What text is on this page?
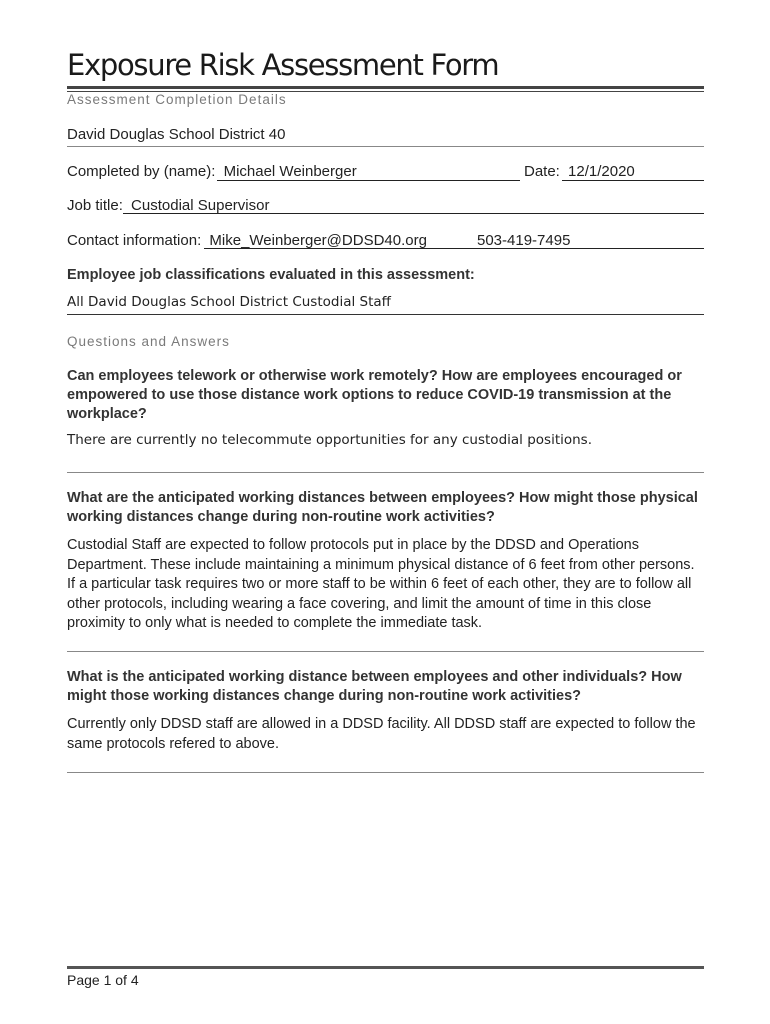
Exposure Risk Assessment Form
Assessment Completion Details
David Douglas School District 40
Completed by (name): Michael Weinberger	Date: 12/1/2020
Job title: Custodial Supervisor
Contact information: Mike_Weinberger@DDSD40.org	503-419-7495
Employee job classifications evaluated in this assessment:
All David Douglas School District Custodial Staff
Questions and Answers

Can employees telework or otherwise work remotely? How are employees encouraged or empowered to use those distance work options to reduce COVID-19 transmission at the workplace?

There are currently no telecommute opportunities for any custodial positions.

What are the anticipated working distances between employees? How might those physical working distances change during non-routine work activities?

Custodial Staff are expected to follow protocols put in place by the DDSD and Operations Department. These include maintaining a minimum physical distance of 6 feet from other persons. If a particular task requires two or more staff to be within 6 feet of each other, they are to follow all other protocols, including wearing a face covering, and limit the amount of time in this close proximity to only what is needed to complete the immediate task.

What is the anticipated working distance between employees and other individuals? How might those working distances change during non-routine work activities?

Currently only DDSD staff are allowed in a DDSD facility. All DDSD staff are expected to follow the same protocols refered to above.

Page 1 of 4
